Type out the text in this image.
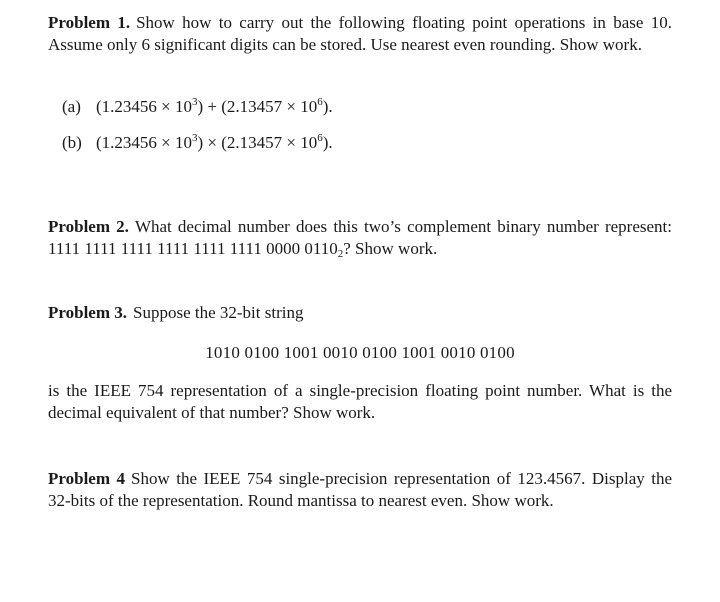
Problem 1. Show how to carry out the following floating point operations in base 10. Assume only 6 significant digits can be stored. Use nearest even rounding. Show work.
(a) $(1.23456 \times 10^3) + (2.13457 \times 10^6)$.
(b) $(1.23456 \times 10^3) \times (2.13457 \times 10^6)$.
Problem 2. What decimal number does this two’s complement binary number represent: 1111 1111 1111 1111 1111 1111 0000 $0110_2$? Show work.
Problem 3. Suppose the 32-bit string
1010 0100 1001 0010 0100 1001 0010 0100
is the IEEE 754 representation of a single-precision floating point number. What is the decimal equivalent of that number? Show work.
Problem 4 Show the IEEE 754 single-precision representation of 123.4567. Display the 32-bits of the representation. Round mantissa to nearest even. Show work.
